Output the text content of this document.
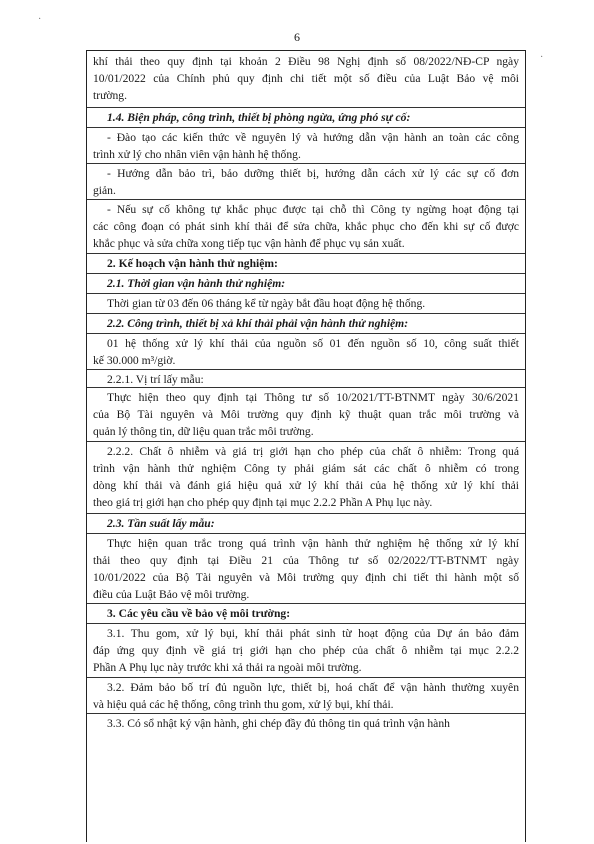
6
·
·

khí thải theo quy định tại khoản 2 Điều 98 Nghị định số 08/2022/NĐ-CP ngày
10/01/2022 của Chính phủ quy định chi tiết một số điều của Luật Bảo vệ môi
trường.

1.4. Biện pháp, công trình, thiết bị phòng ngừa, ứng phó sự cố:

- Đào tạo các kiến thức về nguyên lý và hướng dẫn vận hành an toàn các công
trình xử lý cho nhân viên vận hành hệ thống.

- Hướng dẫn bảo trì, bảo dưỡng thiết bị, hướng dẫn cách xử lý các sự cố đơn
giản.

- Nếu sự cố không tự khắc phục được tại chỗ thì Công ty ngừng hoạt động tại
các công đoạn có phát sinh khí thải để sửa chữa, khắc phục cho đến khi sự cố được
khắc phục và sửa chữa xong tiếp tục vận hành để phục vụ sản xuất.

2. Kế hoạch vận hành thử nghiệm:

2.1. Thời gian vận hành thử nghiệm:

Thời gian từ 03 đến 06 tháng kể từ ngày bắt đầu hoạt động hệ thống.

2.2. Công trình, thiết bị xả khí thải phải vận hành thử nghiệm:

01 hệ thống xử lý khí thải của nguồn số 01 đến nguồn số 10, công suất thiết
kế 30.000 m³/giờ.

2.2.1. Vị trí lấy mẫu:

Thực hiện theo quy định tại Thông tư số 10/2021/TT-BTNMT ngày 30/6/2021
của Bộ Tài nguyên và Môi trường quy định kỹ thuật quan trắc môi trường và
quản lý thông tin, dữ liệu quan trắc môi trường.

2.2.2. Chất ô nhiễm và giá trị giới hạn cho phép của chất ô nhiễm: Trong quá
trình vận hành thử nghiệm Công ty phải giám sát các chất ô nhiễm có trong
dòng khí thải và đánh giá hiệu quả xử lý khí thải của hệ thống xử lý khí thải
theo giá trị giới hạn cho phép quy định tại mục 2.2.2 Phần A Phụ lục này.

2.3. Tần suất lấy mẫu:

Thực hiện quan trắc trong quá trình vận hành thử nghiệm hệ thống xử lý khí
thải theo quy định tại Điều 21 của Thông tư số 02/2022/TT-BTNMT ngày
10/01/2022 của Bộ Tài nguyên và Môi trường quy định chi tiết thi hành một số
điều của Luật Bảo vệ môi trường.

3. Các yêu cầu về bảo vệ môi trường:

3.1. Thu gom, xử lý bụi, khí thải phát sinh từ hoạt động của Dự án bảo đảm
đáp ứng quy định về giá trị giới hạn cho phép của chất ô nhiễm tại mục 2.2.2
Phần A Phụ lục này trước khi xả thải ra ngoài môi trường.

3.2. Đảm bảo bố trí đủ nguồn lực, thiết bị, hoá chất để vận hành thường xuyên
và hiệu quả các hệ thống, công trình thu gom, xử lý bụi, khí thải.

3.3. Có sổ nhật ký vận hành, ghi chép đầy đủ thông tin quá trình vận hành
